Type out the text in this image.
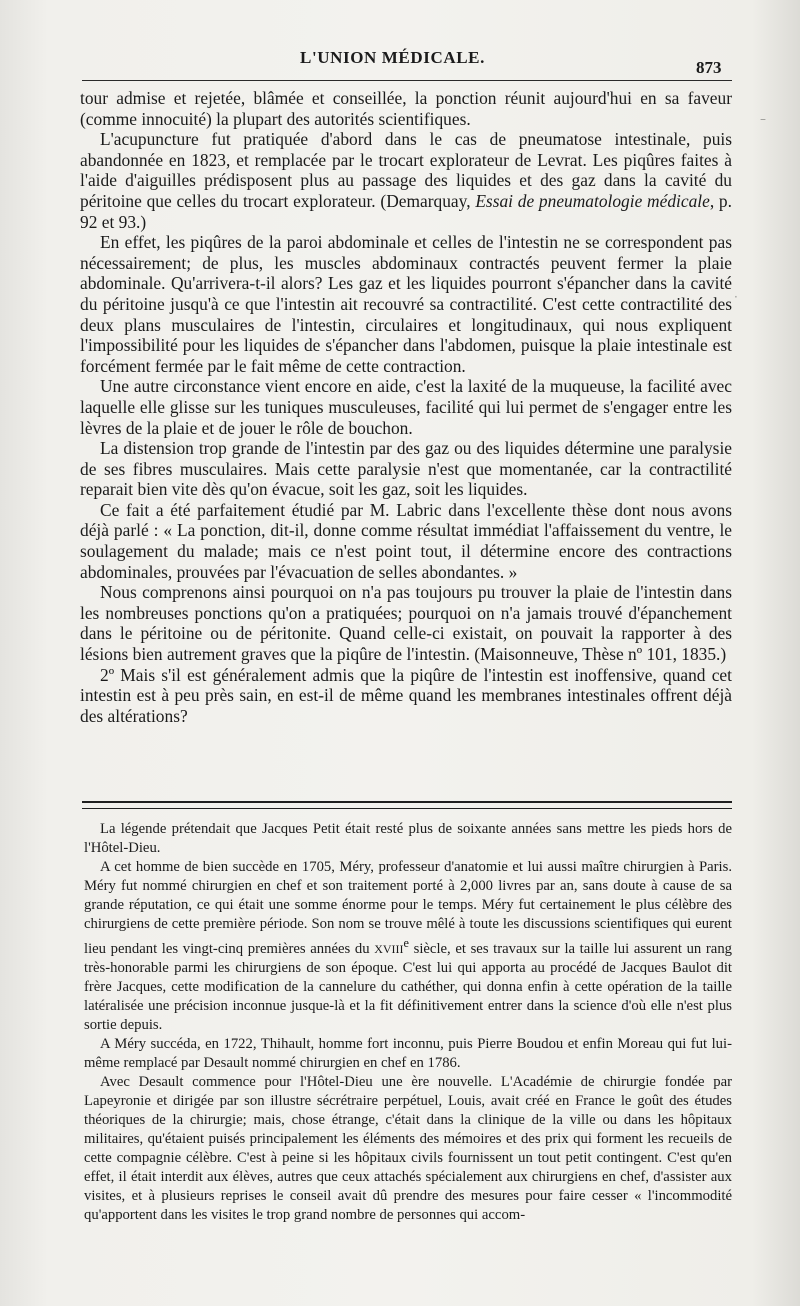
L'UNION MÉDICALE.
873

tour admise et rejetée, blâmée et conseillée, la ponction réunit aujourd'hui en sa faveur (comme innocuité) la plupart des autorités scientifiques.

L'acupuncture fut pratiquée d'abord dans le cas de pneumatose intestinale, puis abandonnée en 1823, et remplacée par le trocart explorateur de Levrat. Les piqûres faites à l'aide d'aiguilles prédisposent plus au passage des liquides et des gaz dans la cavité du péritoine que celles du trocart explorateur. (Demarquay, Essai de pneumatologie médicale, p. 92 et 93.)

En effet, les piqûres de la paroi abdominale et celles de l'intestin ne se correspondent pas nécessairement; de plus, les muscles abdominaux contractés peuvent fermer la plaie abdominale. Qu'arrivera-t-il alors? Les gaz et les liquides pourront s'épancher dans la cavité du péritoine jusqu'à ce que l'intestin ait recouvré sa contractilité. C'est cette contractilité des deux plans musculaires de l'intestin, circulaires et longitudinaux, qui nous expliquent l'impossibilité pour les liquides de s'épancher dans l'abdomen, puisque la plaie intestinale est forcément fermée par le fait même de cette contraction.

Une autre circonstance vient encore en aide, c'est la laxité de la muqueuse, la facilité avec laquelle elle glisse sur les tuniques musculeuses, facilité qui lui permet de s'engager entre les lèvres de la plaie et de jouer le rôle de bouchon.

La distension trop grande de l'intestin par des gaz ou des liquides détermine une paralysie de ses fibres musculaires. Mais cette paralysie n'est que momentanée, car la contractilité reparait bien vite dès qu'on évacue, soit les gaz, soit les liquides.

Ce fait a été parfaitement étudié par M. Labric dans l'excellente thèse dont nous avons déjà parlé : « La ponction, dit-il, donne comme résultat immédiat l'affaissement du ventre, le soulagement du malade; mais ce n'est point tout, il détermine encore des contractions abdominales, prouvées par l'évacuation de selles abondantes. »

Nous comprenons ainsi pourquoi on n'a pas toujours pu trouver la plaie de l'intestin dans les nombreuses ponctions qu'on a pratiquées; pourquoi on n'a jamais trouvé d'épanchement dans le péritoine ou de péritonite. Quand celle-ci existait, on pouvait la rapporter à des lésions bien autrement graves que la piqûre de l'intestin. (Maisonneuve, Thèse nº 101, 1835.)

2º Mais s'il est généralement admis que la piqûre de l'intestin est inoffensive, quand cet intestin est à peu près sain, en est-il de même quand les membranes intestinales offrent déjà des altérations?

La légende prétendait que Jacques Petit était resté plus de soixante années sans mettre les pieds hors de l'Hôtel-Dieu.

A cet homme de bien succède en 1705, Méry, professeur d'anatomie et lui aussi maître chirurgien à Paris. Méry fut nommé chirurgien en chef et son traitement porté à 2,000 livres par an, sans doute à cause de sa grande réputation, ce qui était une somme énorme pour le temps. Méry fut certainement le plus célèbre des chirurgiens de cette première période. Son nom se trouve mêlé à toute les discussions scientifiques qui eurent lieu pendant les vingt-cinq premières années du XVIIIe siècle, et ses travaux sur la taille lui assurent un rang très-honorable parmi les chirurgiens de son époque. C'est lui qui apporta au procédé de Jacques Baulot dit frère Jacques, cette modification de la cannelure du cathéther, qui donna enfin à cette opération de la taille latéralisée une précision inconnue jusque-là et la fit définitivement entrer dans la science d'où elle n'est plus sortie depuis.

A Méry succéda, en 1722, Thihault, homme fort inconnu, puis Pierre Boudou et enfin Moreau qui fut lui-même remplacé par Desault nommé chirurgien en chef en 1786.

Avec Desault commence pour l'Hôtel-Dieu une ère nouvelle. L'Académie de chirurgie fondée par Lapeyronie et dirigée par son illustre sécrétraire perpétuel, Louis, avait créé en France le goût des études théoriques de la chirurgie; mais, chose étrange, c'était dans la clinique de la ville ou dans les hôpitaux militaires, qu'étaient puisés principalement les éléments des mémoires et des prix qui forment les recueils de cette compagnie célèbre. C'est à peine si les hôpitaux civils fournissent un tout petit contingent. C'est qu'en effet, il était interdit aux élèves, autres que ceux attachés spécialement aux chirurgiens en chef, d'assister aux visites, et à plusieurs reprises le conseil avait dû prendre des mesures pour faire cesser « l'incommodité qu'apportent dans les visites le trop grand nombre de personnes qui accom-

–
·
